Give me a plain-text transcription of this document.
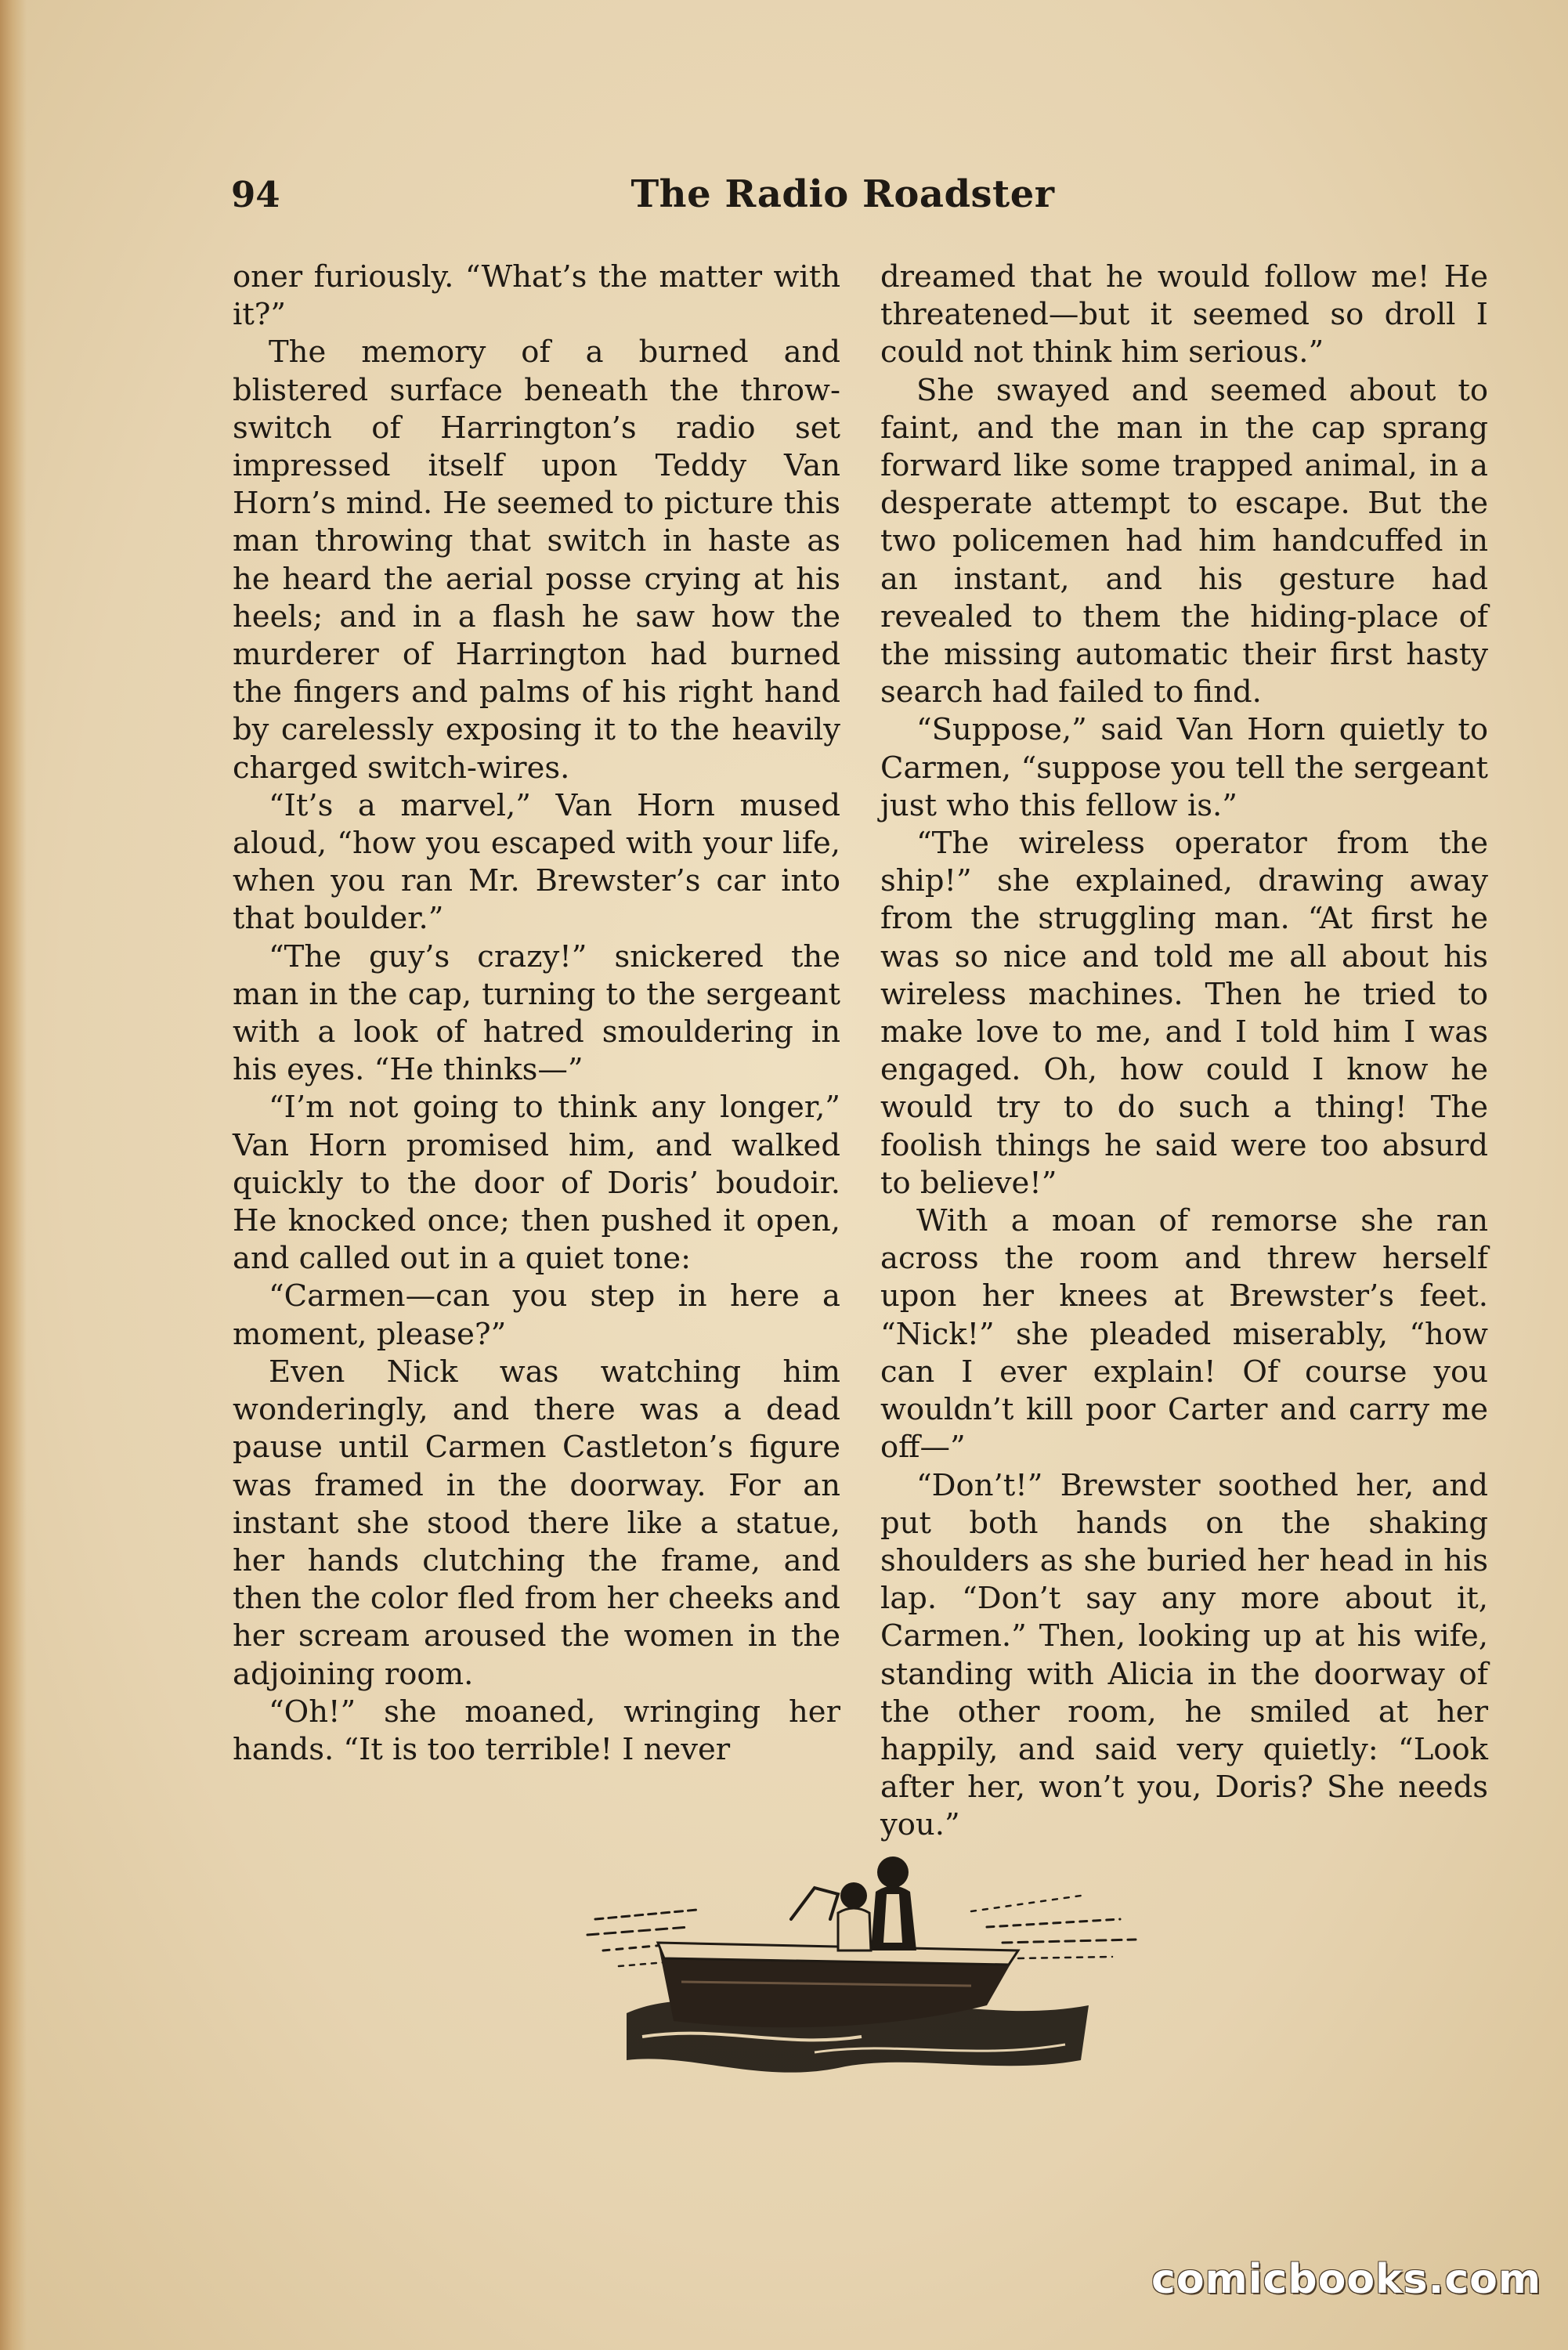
94	The Radio Roadster

oner furiously. “What’s the matter with it?”

The memory of a burned and blistered surface beneath the throw-switch of Harrington’s radio set impressed itself upon Teddy Van Horn’s mind. He seemed to picture this man throwing that switch in haste as he heard the aerial posse crying at his heels; and in a flash he saw how the murderer of Harrington had burned the fingers and palms of his right hand by carelessly exposing it to the heavily charged switch-wires.

“It’s a marvel,” Van Horn mused aloud, “how you escaped with your life, when you ran Mr. Brewster’s car into that boulder.”

“The guy’s crazy!” snickered the man in the cap, turning to the sergeant with a look of hatred smouldering in his eyes. “He thinks—”

“I’m not going to think any longer,” Van Horn promised him, and walked quickly to the door of Doris’ boudoir. He knocked once; then pushed it open, and called out in a quiet tone:

“Carmen—can you step in here a moment, please?”

Even Nick was watching him wonderingly, and there was a dead pause until Carmen Castleton’s figure was framed in the doorway. For an instant she stood there like a statue, her hands clutching the frame, and then the color fled from her cheeks and her scream aroused the women in the adjoining room.

“Oh!” she moaned, wringing her hands. “It is too terrible! I never

dreamed that he would follow me! He threatened—but it seemed so droll I could not think him serious.”

She swayed and seemed about to faint, and the man in the cap sprang forward like some trapped animal, in a desperate attempt to escape. But the two policemen had him handcuffed in an instant, and his gesture had revealed to them the hiding-place of the missing automatic their first hasty search had failed to find.

“Suppose,” said Van Horn quietly to Carmen, “suppose you tell the sergeant just who this fellow is.”

“The wireless operator from the ship!” she explained, drawing away from the struggling man. “At first he was so nice and told me all about his wireless machines. Then he tried to make love to me, and I told him I was engaged. Oh, how could I know he would try to do such a thing! The foolish things he said were too absurd to believe!”

With a moan of remorse she ran across the room and threw herself upon her knees at Brewster’s feet. “Nick!” she pleaded miserably, “how can I ever explain! Of course you wouldn’t kill poor Carter and carry me off—”

“Don’t!” Brewster soothed her, and put both hands on the shaking shoulders as she buried her head in his lap. “Don’t say any more about it, Carmen.” Then, looking up at his wife, standing with Alicia in the doorway of the other room, he smiled at her happily, and said very quietly: “Look after her, won’t you, Doris? She needs you.”

comicbooks.com
